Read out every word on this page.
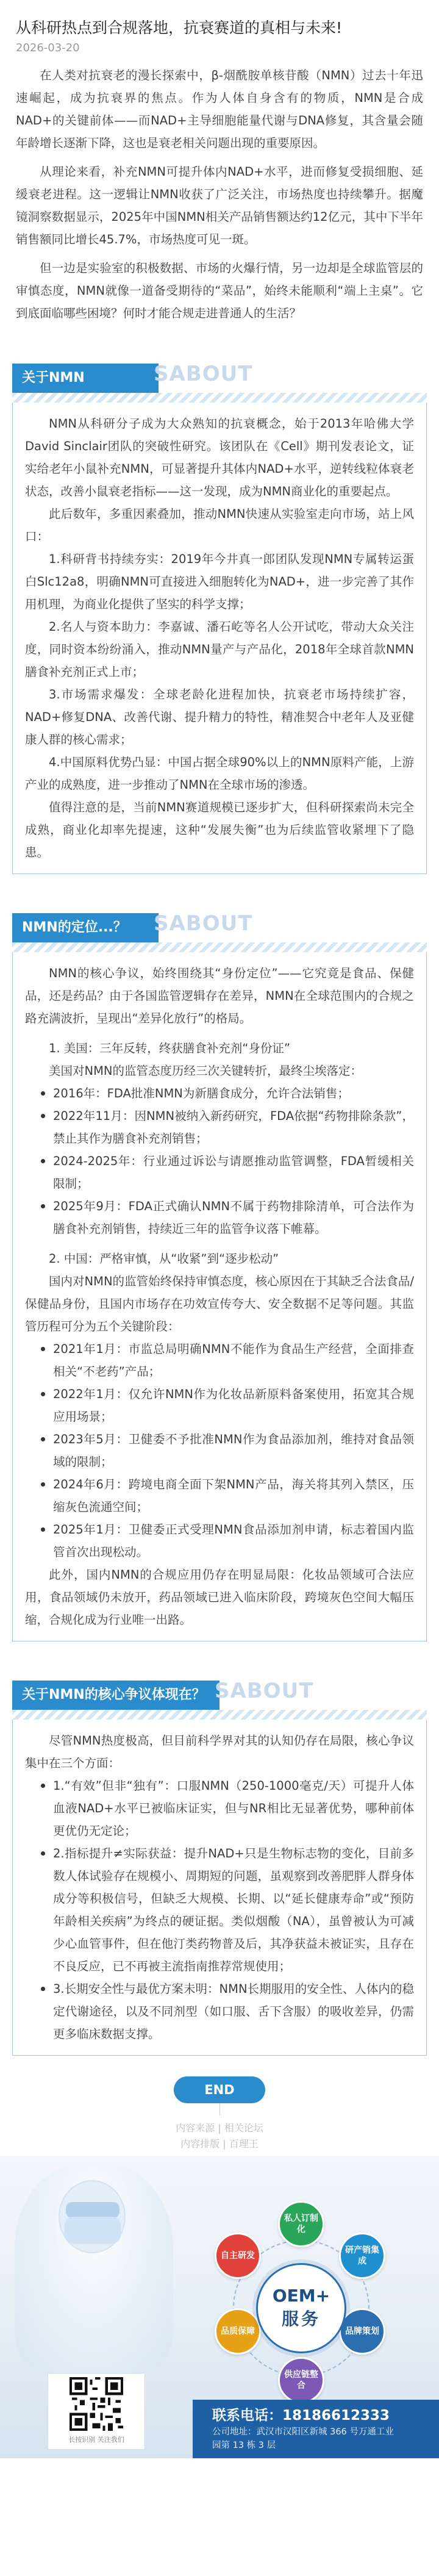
从科研热点到合规落地，抗衰赛道的真相与未来!
2026-03-20

在人类对抗衰老的漫长探索中，β-烟酰胺单核苷酸（NMN）过去十年迅速崛起，成为抗衰界的焦点。作为人体自身含有的物质，NMN是合成NAD+的关键前体——而NAD+主导细胞能量代谢与DNA修复，其含量会随年龄增长逐渐下降，这也是衰老相关问题出现的重要原因。

从理论来看，补充NMN可提升体内NAD+水平，进而修复受损细胞、延缓衰老进程。这一逻辑让NMN收获了广泛关注，市场热度也持续攀升。据魔镜洞察数据显示，2025年中国NMN相关产品销售额达约12亿元，其中下半年销售额同比增长45.7%，市场热度可见一斑。

但一边是实验室的积极数据、市场的火爆行情，另一边却是全球监管层的审慎态度，NMN就像一道备受期待的“菜品”，始终未能顺利“端上主桌”。它到底面临哪些困境？何时才能合规走进普通人的生活？

关于NMN	SABOUT

NMN从科研分子成为大众熟知的抗衰概念，始于2013年哈佛大学David Sinclair团队的突破性研究。该团队在《Cell》期刊发表论文，证实给老年小鼠补充NMN，可显著提升其体内NAD+水平，逆转线粒体衰老状态，改善小鼠衰老指标——这一发现，成为NMN商业化的重要起点。

此后数年，多重因素叠加，推动NMN快速从实验室走向市场，站上风口：

1.科研背书持续夯实：2019年今井真一郎团队发现NMN专属转运蛋白Slc12a8，明确NMN可直接进入细胞转化为NAD+，进一步完善了其作用机理，为商业化提供了坚实的科学支撑；

2.名人与资本助力：李嘉诚、潘石屹等名人公开试吃，带动大众关注度，同时资本纷纷涌入，推动NMN量产与产品化，2018年全球首款NMN膳食补充剂正式上市；

3.市场需求爆发：全球老龄化进程加快，抗衰老市场持续扩容，NAD+修复DNA、改善代谢、提升精力的特性，精准契合中老年人及亚健康人群的核心需求；

4.中国原料优势凸显：中国占据全球90%以上的NMN原料产能，上游产业的成熟度，进一步推动了NMN在全球市场的渗透。

值得注意的是，当前NMN赛道规模已逐步扩大，但科研探索尚未完全成熟，商业化却率先提速，这种“发展失衡”也为后续监管收紧埋下了隐患。

NMN的定位...？	SABOUT

NMN的核心争议，始终围绕其“身份定位”——它究竟是食品、保健品，还是药品？由于各国监管逻辑存在差异，NMN在全球范围内的合规之路充满波折，呈现出“差异化放行”的格局。

1. 美国：三年反转，终获膳食补充剂“身份证”

美国对NMN的监管态度历经三次关键转折，最终尘埃落定：

2016年：FDA批准NMN为新膳食成分，允许合法销售；
2022年11月：因NMN被纳入新药研究，FDA依据“药物排除条款”，禁止其作为膳食补充剂销售；
2024-2025年：行业通过诉讼与请愿推动监管调整，FDA暂缓相关限制；
2025年9月：FDA正式确认NMN不属于药物排除清单，可合法作为膳食补充剂销售，持续近三年的监管争议落下帷幕。

2. 中国：严格审慎，从“收紧”到“逐步松动”

国内对NMN的监管始终保持审慎态度，核心原因在于其缺乏合法食品/保健品身份，且国内市场存在功效宣传夸大、安全数据不足等问题。其监管历程可分为五个关键阶段：

2021年1月：市监总局明确NMN不能作为食品生产经营，全面排查相关“不老药”产品；
2022年1月：仅允许NMN作为化妆品新原料备案使用，拓宽其合规应用场景；
2023年5月：卫健委不予批准NMN作为食品添加剂，维持对食品领域的限制；
2024年6月：跨境电商全面下架NMN产品，海关将其列入禁区，压缩灰色流通空间；
2025年1月：卫健委正式受理NMN食品添加剂申请，标志着国内监管首次出现松动。

此外，国内NMN的合规应用仍存在明显局限：化妆品领域可合法应用，食品领域仍未放开，药品领域已进入临床阶段，跨境灰色空间大幅压缩，合规化成为行业唯一出路。

关于NMN的核心争议体现在？ SABOUT

尽管NMN热度极高，但目前科学界对其的认知仍存在局限，核心争议集中在三个方面：

1.“有效”但非“独有”：口服NMN（250-1000毫克/天）可提升人体血液NAD+水平已被临床证实，但与NR相比无显著优势，哪种前体更优仍无定论；
2.指标提升≠实际获益：提升NAD+只是生物标志物的变化，目前多数人体试验存在规模小、周期短的问题，虽观察到改善肥胖人群身体成分等积极信号，但缺乏大规模、长期、以“延长健康寿命”或“预防年龄相关疾病”为终点的硬证据。类似烟酸（NA），虽曾被认为可减少心血管事件，但在他汀类药物普及后，其净获益未被证实，且存在不良反应，已不再被主流指南推荐常规使用；
3.长期安全性与最优方案未明：NMN长期服用的安全性、人体内的稳定代谢途径，以及不同剂型（如口服、舌下含服）的吸收差异，仍需更多临床数据支撑。
END
内容来源 | 相关论坛
内容排版 | 百理王
私人订制化
研产销集成
品牌策划
供应链整合
品质保障
自主研发
OEM+
服务
长按识别 关注我们
联系电话：18186612333
公司地址：武汉市汉阳区新城 366 号万通工业
园第 13 栋 3 层
